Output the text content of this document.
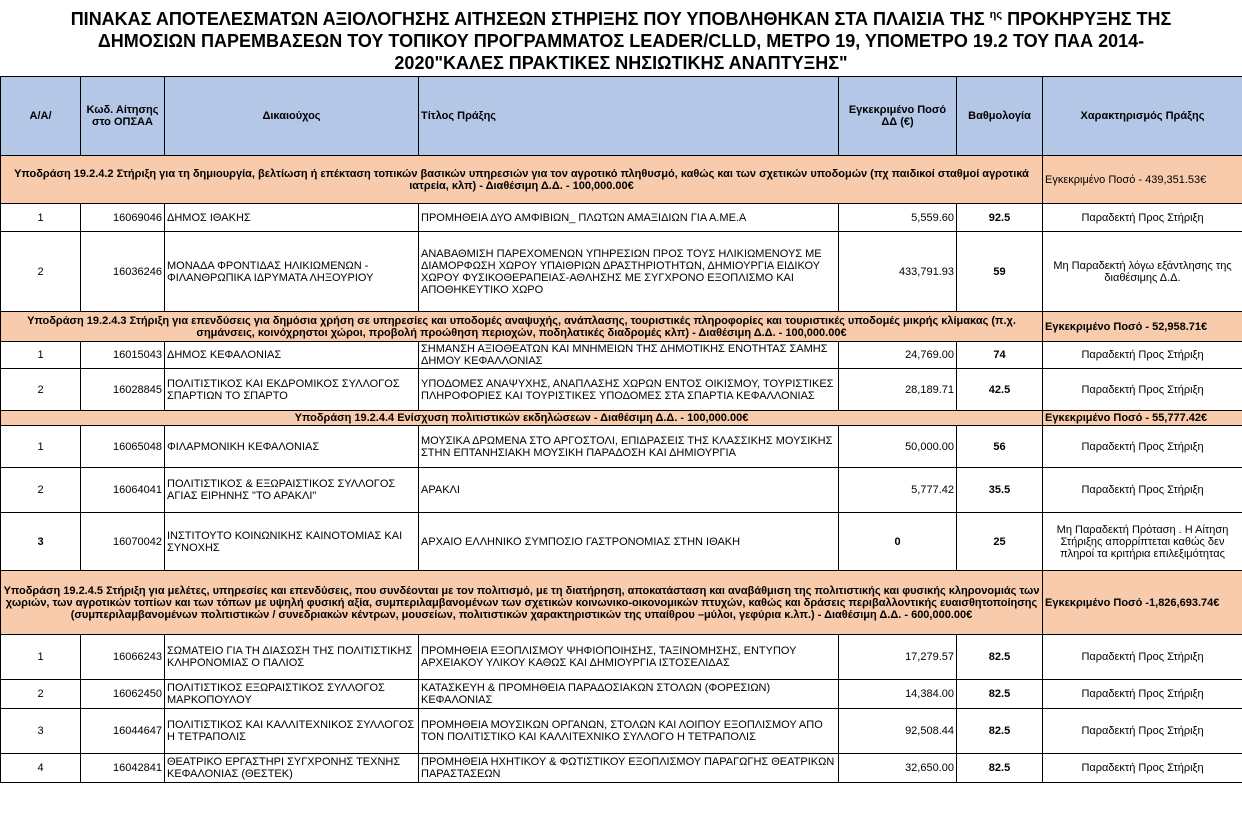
ΠΙΝΑΚΑΣ ΑΠΟΤΕΛΕΣΜΑΤΩΝ ΑΞΙΟΛΟΓΗΣΗΣ ΑΙΤΗΣΕΩΝ ΣΤΗΡΙΞΗΣ ΠΟΥ ΥΠΟΒΛΗΘΗΚΑΝ ΣΤΑ ΠΛΑΙΣΙΑ ΤΗΣ $^{\eta\varsigma}$ ΠΡΟΚΗΡΥΞΗΣ ΤΗΣ
ΔΗΜΟΣΙΩΝ ΠΑΡΕΜΒΑΣΕΩΝ ΤΟΥ ΤΟΠΙΚΟΥ ΠΡΟΓΡΑΜΜΑΤΟΣ LEADER/CLLD, ΜΕΤΡΟ 19, ΥΠΟΜΕΤΡΟ 19.2 ΤΟΥ ΠΑΑ 2014-
2020"ΚΑΛΕΣ ΠΡΑΚΤΙΚΕΣ ΝΗΣΙΩΤΙΚΗΣ ΑΝΑΠΤΥΞΗΣ"
Α/Α/	Κωδ. Αίτησης στο ΟΠΣΑΑ	Δικαιούχος	Τίτλος Πράξης	Εγκεκριμένο Ποσό ΔΔ (€)	Βαθμολογία	Χαρακτηρισμός Πράξης
Υποδράση 19.2.4.2 Στήριξη για τη δημιουργία, βελτίωση ή επέκταση τοπικών βασικών υπηρεσιών για τον αγροτικό πληθυσμό, καθώς και των σχετικών υποδομών (πχ παιδικοί σταθμοί αγροτικά ιατρεία, κλπ) - Διαθέσιμη Δ.Δ. - 100,000.00€						Εγκεκριμένο Ποσό - 439,351.53€
1	16069046	ΔΗΜΟΣ ΙΘΑΚΗΣ	ΠΡΟΜΗΘΕΙΑ ΔΥΟ ΑΜΦΙΒΙΩΝ_ ΠΛΩΤΩΝ ΑΜΑΞΙΔΙΩΝ ΓΙΑ Α.ΜΕ.Α	5,559.60	92.5	Παραδεκτή Προς Στήριξη
2	16036246	ΜΟΝΑΔΑ ΦΡΟΝΤΙΔΑΣ ΗΛΙΚΙΩΜΕΝΩΝ - ΦΙΛΑΝΘΡΩΠΙΚΑ ΙΔΡΥΜΑΤΑ ΛΗΞΟΥΡΙΟΥ	ΑΝΑΒΑΘΜΙΣΗ ΠΑΡΕΧΟΜΕΝΩΝ ΥΠΗΡΕΣΙΩΝ ΠΡΟΣ ΤΟΥΣ ΗΛΙΚΙΩΜΕΝΟΥΣ ΜΕ ΔΙΑΜΟΡΦΩΣΗ ΧΩΡΟΥ ΥΠΑΙΘΡΙΩΝ ΔΡΑΣΤΗΡΙΟΤΗΤΩΝ, ΔΗΜΙΟΥΡΓΙΑ ΕΙΔΙΚΟΥ ΧΩΡΟΥ ΦΥΣΙΚΟΘΕΡΑΠΕΙΑΣ-ΑΘΛΗΣΗΣ ΜΕ ΣΥΓΧΡΟΝΟ ΕΞΟΠΛΙΣΜΟ ΚΑΙ ΑΠΟΘΗΚΕΥΤΙΚΟ ΧΩΡΟ	433,791.93	59	Μη Παραδεκτή λόγω εξάντλησης της διαθέσιμης Δ.Δ.
Υποδράση 19.2.4.3 Στήριξη για επενδύσεις για δημόσια χρήση σε υπηρεσίες και υποδομές αναψυχής, ανάπλασης, τουριστικές πληροφορίες και τουριστικές υποδομές μικρής κλίμακας (π.χ. σημάνσεις, κοινόχρηστοι χώροι, προβολή προώθηση περιοχών, ποδηλατικές διαδρομές κλπ) - Διαθέσιμη Δ.Δ. - 100,000.00€						Εγκεκριμένο Ποσό - 52,958.71€
1	16015043	ΔΗΜΟΣ ΚΕΦΑΛΟΝΙΑΣ	ΣΗΜΑΝΣΗ ΑΞΙΟΘΕΑΤΩΝ ΚΑΙ ΜΝΗΜΕΙΩΝ ΤΗΣ ΔΗΜΟΤΙΚΗΣ ΕΝΟΤΗΤΑΣ ΣΑΜΗΣ ΔΗΜΟΥ ΚΕΦΑΛΛΟΝΙΑΣ	24,769.00	74	Παραδεκτή Προς Στήριξη
2	16028845	ΠΟΛΙΤΙΣΤΙΚΟΣ ΚΑΙ ΕΚΔΡΟΜΙΚΟΣ ΣΥΛΛΟΓΟΣ ΣΠΑΡΤΙΩΝ ΤΟ ΣΠΑΡΤΟ	ΥΠΟΔΟΜΕΣ ΑΝΑΨΥΧΗΣ, ΑΝΑΠΛΑΣΗΣ ΧΩΡΩΝ ΕΝΤΟΣ ΟΙΚΙΣΜΟΥ, ΤΟΥΡΙΣΤΙΚΕΣ ΠΛΗΡΟΦΟΡΙΕΣ ΚΑΙ ΤΟΥΡΙΣΤΙΚΕΣ ΥΠΟΔΟΜΕΣ ΣΤΑ ΣΠΑΡΤΙΑ ΚΕΦΑΛΛΟΝΙΑΣ	28,189.71	42.5	Παραδεκτή Προς Στήριξη
Υποδράση 19.2.4.4 Ενίσχυση πολιτιστικών εκδηλώσεων - Διαθέσιμη Δ.Δ. - 100,000.00€						Εγκεκριμένο Ποσό - 55,777.42€
1	16065048	ΦΙΛΑΡΜΟΝΙΚΗ ΚΕΦΑΛΟΝΙΑΣ	ΜΟΥΣΙΚΑ ΔΡΩΜΕΝΑ ΣΤΟ ΑΡΓΟΣΤΟΛΙ, ΕΠΙΔΡΑΣΕΙΣ ΤΗΣ ΚΛΑΣΣΙΚΗΣ ΜΟΥΣΙΚΗΣ ΣΤΗΝ ΕΠΤΑΝΗΣΙΑΚΗ ΜΟΥΣΙΚΗ ΠΑΡΑΔΟΣΗ ΚΑΙ ΔΗΜΙΟΥΡΓΙΑ	50,000.00	56	Παραδεκτή Προς Στήριξη
2	16064041	ΠΟΛΙΤΙΣΤΙΚΟΣ & ΕΞΩΡΑΙΣΤΙΚΟΣ ΣΥΛΛΟΓΟΣ ΑΓΙΑΣ ΕΙΡΗΝΗΣ "ΤΟ ΑΡΑΚΛΙ"	ΑΡΑΚΛΙ	5,777.42	35.5	Παραδεκτή Προς Στήριξη
3	16070042	ΙΝΣΤΙΤΟΥΤΟ ΚΟΙΝΩΝΙΚΗΣ ΚΑΙΝΟΤΟΜΙΑΣ ΚΑΙ ΣΥΝΟΧΗΣ	ΑΡΧΑΙΟ ΕΛΛΗΝΙΚΟ ΣΥΜΠΟΣΙΟ ΓΑΣΤΡΟΝΟΜΙΑΣ ΣΤΗΝ ΙΘΑΚΗ	0	25	Μη Παραδεκτή Πρόταση . Η Αίτηση Στήριξης απορρίπτεται καθώς δεν πληροί τα κριτήρια επιλεξιμότητας
Υποδράση 19.2.4.5 Στήριξη για μελέτες, υπηρεσίες και επενδύσεις, που συνδέονται με τον πολιτισμό, με τη διατήρηση, αποκατάσταση και αναβάθμιση της πολιτιστικής και φυσικής κληρονομιάς των χωριών, των αγροτικών τοπίων και των τόπων με υψηλή φυσική αξία, συμπεριλαμβανομένων των σχετικών κοινωνικο-οικονομικών πτυχών, καθώς και δράσεις περιβαλλοντικής ευαισθητοποίησης (συμπεριλαμβανομένων πολιτιστικών / συνεδριακών κέντρων, μουσείων, πολιτιστικών χαρακτηριστικών της υπαίθρου –μύλοι, γεφύρια κ.λπ.) - Διαθέσιμη Δ.Δ. - 600,000.00€						Εγκεκριμένο Ποσό -1,826,693.74€
1	16066243	ΣΩΜΑΤΕΙΟ ΓΙΑ ΤΗ ΔΙΑΣΩΣΗ ΤΗΣ ΠΟΛΙΤΙΣΤΙΚΗΣ ΚΛΗΡΟΝΟΜΙΑΣ Ο ΠΑΛΙΟΣ	ΠΡΟΜΗΘΕΙΑ ΕΞΟΠΛΙΣΜΟΥ ΨΗΦΙΟΠΟΙΗΣΗΣ, ΤΑΞΙΝΟΜΗΣΗΣ, ΕΝΤΥΠΟΥ ΑΡΧΕΙΑΚΟΥ ΥΛΙΚΟΥ ΚΑΘΩΣ ΚΑΙ ΔΗΜΙΟΥΡΓΙΑ ΙΣΤΟΣΕΛΙΔΑΣ	17,279.57	82.5	Παραδεκτή Προς Στήριξη
2	16062450	ΠΟΛΙΤΙΣΤΙΚΟΣ ΕΞΩΡΑΙΣΤΙΚΟΣ ΣΥΛΛΟΓΟΣ ΜΑΡΚΟΠΟΥΛΟΥ	ΚΑΤΑΣΚΕΥΗ & ΠΡΟΜΗΘΕΙΑ ΠΑΡΑΔΟΣΙΑΚΩΝ ΣΤΟΛΩΝ (ΦΟΡΕΣΙΩΝ) ΚΕΦΑΛΟΝΙΑΣ	14,384.00	82.5	Παραδεκτή Προς Στήριξη
3	16044647	ΠΟΛΙΤΙΣΤΙΚΟΣ ΚΑΙ ΚΑΛΛΙΤΕΧΝΙΚΟΣ ΣΥΛΛΟΓΟΣ Η ΤΕΤΡΑΠΟΛΙΣ	ΠΡΟΜΗΘΕΙΑ ΜΟΥΣΙΚΩΝ ΟΡΓΑΝΩΝ, ΣΤΟΛΩΝ ΚΑΙ ΛΟΙΠΟΥ ΕΞΟΠΛΙΣΜΟΥ ΑΠΟ ΤΟΝ ΠΟΛΙΤΙΣΤΙΚΟ ΚΑΙ ΚΑΛΛΙΤΕΧΝΙΚΟ ΣΥΛΛΟΓΟ Η ΤΕΤΡΑΠΟΛΙΣ	92,508.44	82.5	Παραδεκτή Προς Στήριξη
4	16042841	ΘΕΑΤΡΙΚΟ ΕΡΓΑΣΤΗΡΙ ΣΥΓΧΡΟΝΗΣ ΤΕΧΝΗΣ ΚΕΦΑΛΟΝΙΑΣ (ΘΕΣΤΕΚ)	ΠΡΟΜΗΘΕΙΑ ΗΧΗΤΙΚΟΥ & ΦΩΤΙΣΤΙΚΟΥ ΕΞΟΠΛΙΣΜΟΥ ΠΑΡΑΓΩΓΗΣ ΘΕΑΤΡΙΚΩΝ ΠΑΡΑΣΤΑΣΕΩΝ	32,650.00	82.5	Παραδεκτή Προς Στήριξη
